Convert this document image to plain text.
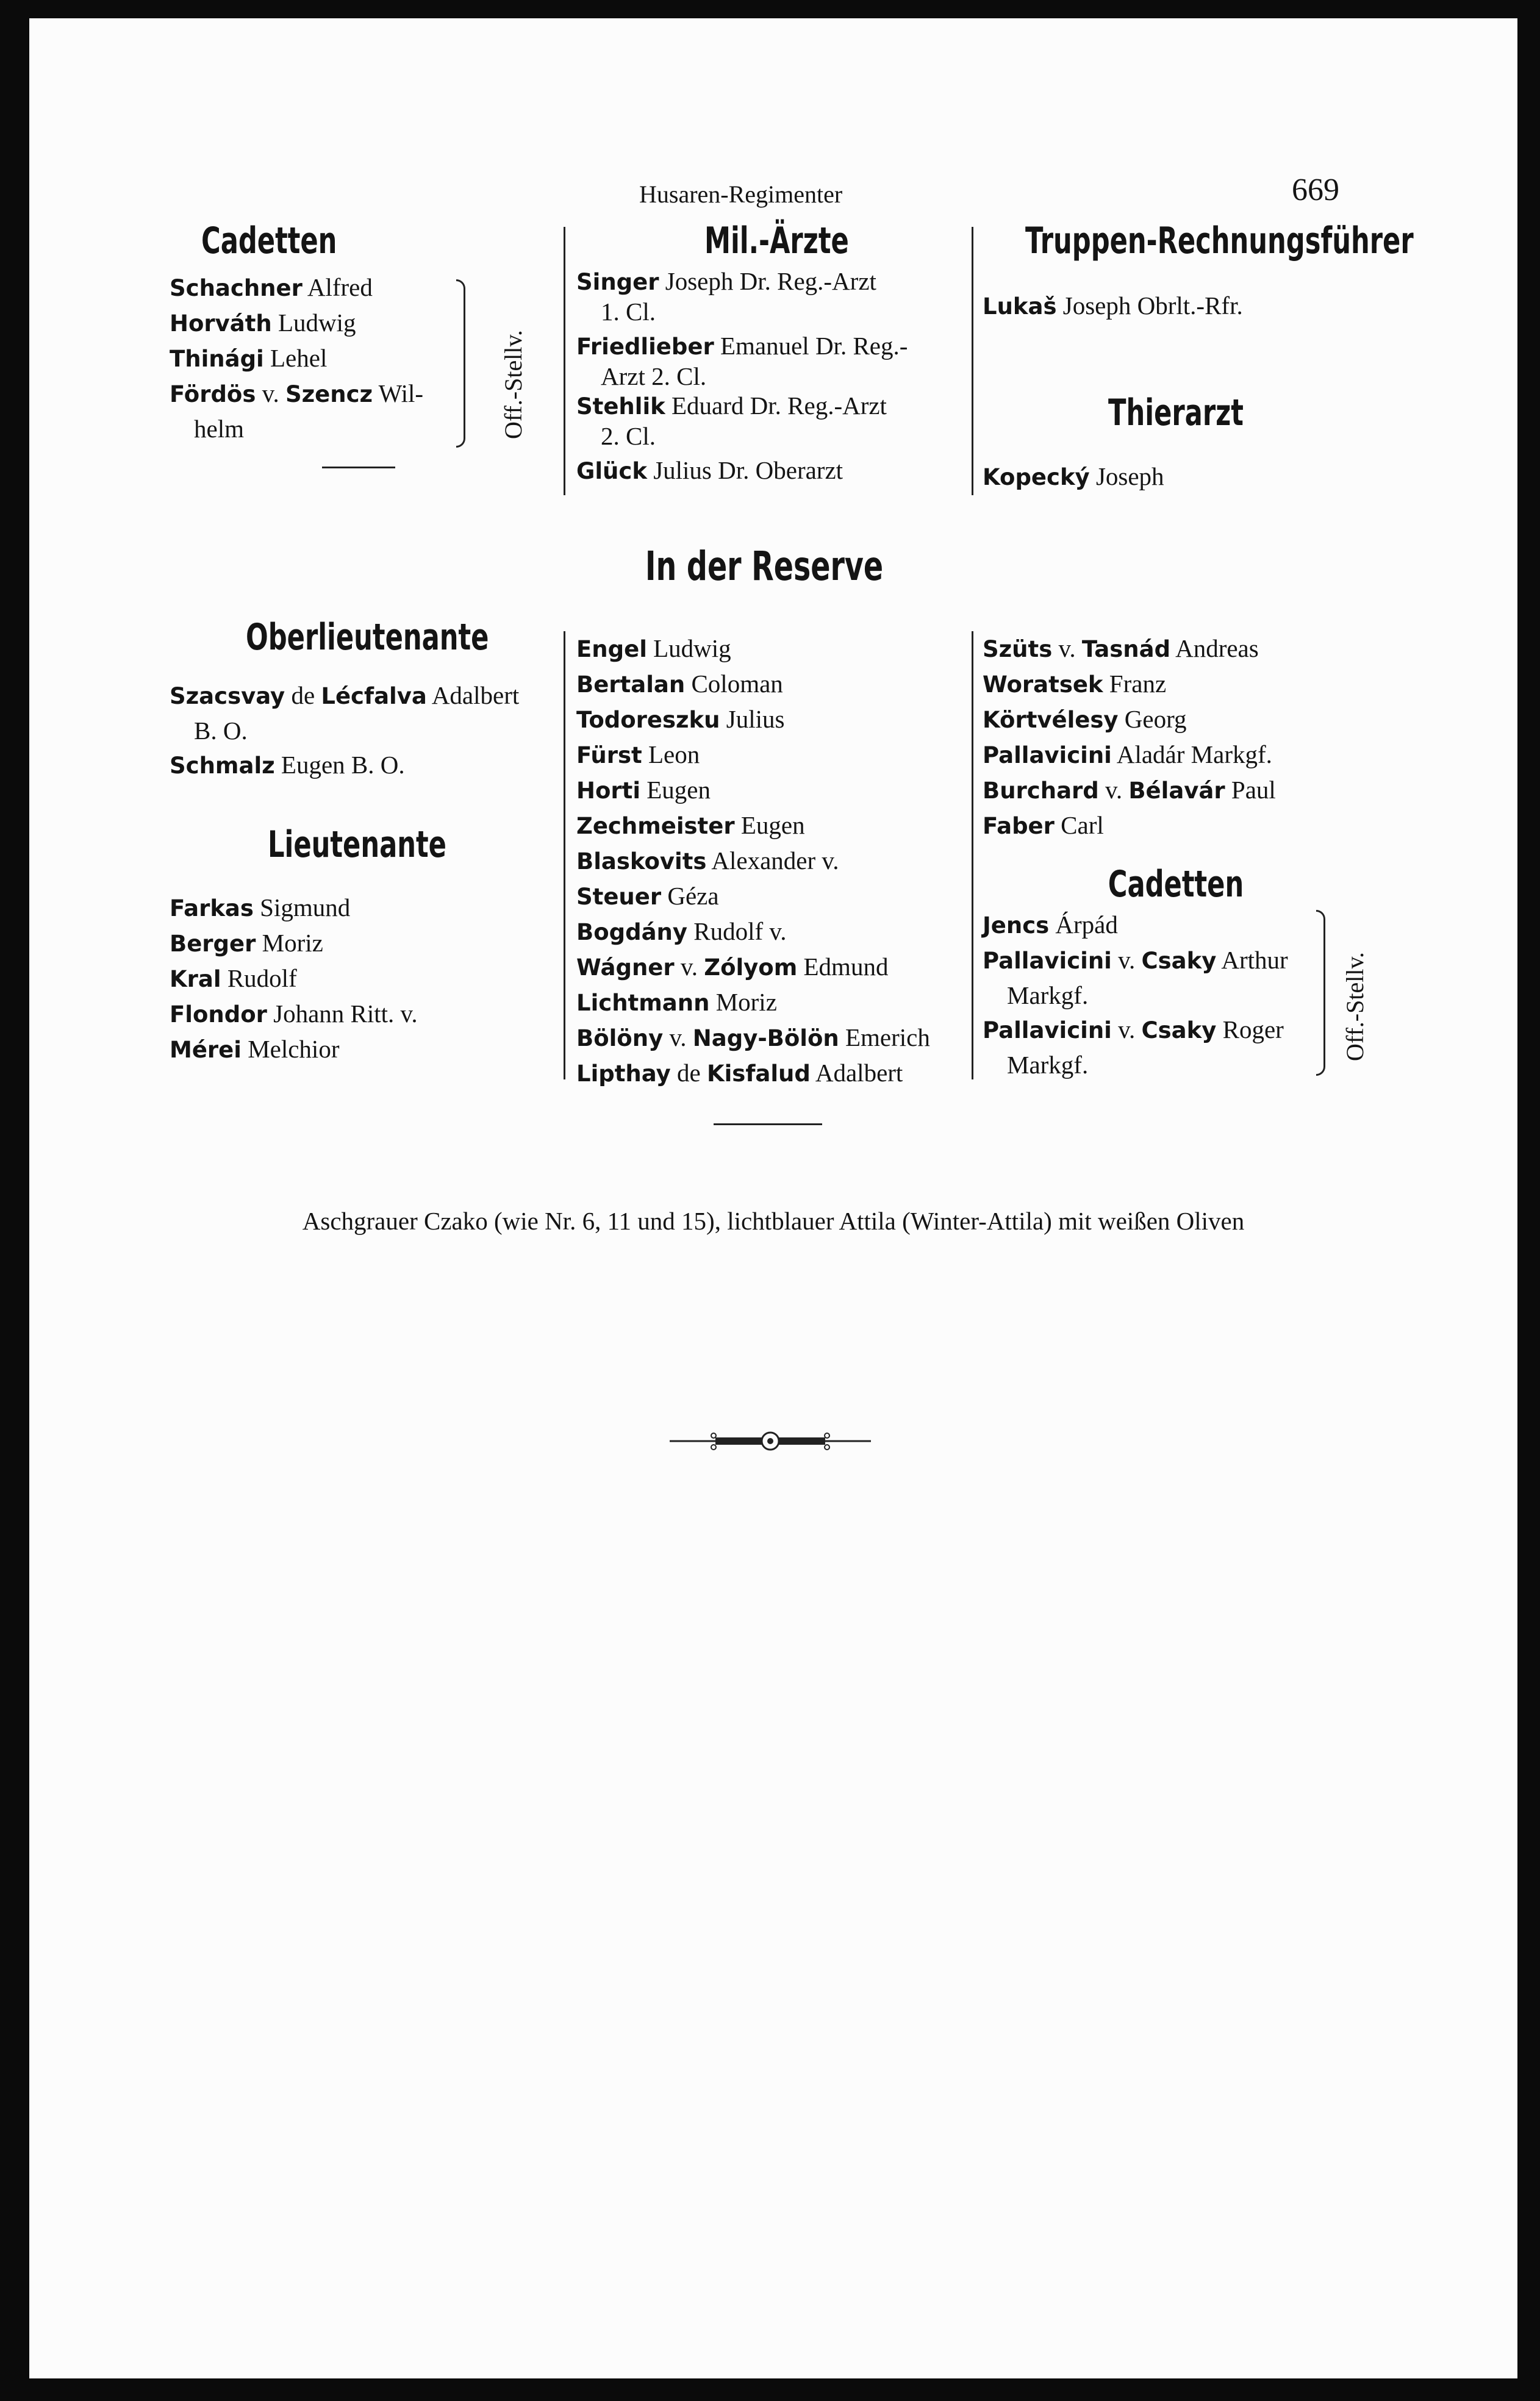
Husaren-Regimenter	669
Cadetten
Schachner Alfred
Horváth Ludwig
Thinági Lehel
Fördös v. Szencz Wil-
helm	Off.-Stellv.
Mil.-Ärzte
Singer Joseph Dr. Reg.-Arzt
1. Cl.
Friedlieber Emanuel Dr. Reg.-
Arzt 2. Cl.
Stehlik Eduard Dr. Reg.-Arzt
2. Cl.
Glück Julius Dr. Oberarzt
Truppen-Rechnungsführer
Lukaš Joseph Obrlt.-Rfr.
Thierarzt
Kopecký Joseph
In der Reserve
Oberlieutenante
Szacsvay de Lécfalva Adalbert
B. O.
Schmalz Eugen B. O.
Lieutenante
Farkas Sigmund
Berger Moriz
Kral Rudolf
Flondor Johann Ritt. v.
Mérei Melchior
Engel Ludwig
Bertalan Coloman
Todoreszku Julius
Fürst Leon
Horti Eugen
Zechmeister Eugen
Blaskovits Alexander v.
Steuer Géza
Bogdány Rudolf v.
Wágner v. Zólyom Edmund
Lichtmann Moriz
Bölöny v. Nagy-Bölön Emerich
Lipthay de Kisfalud Adalbert
Szüts v. Tasnád Andreas
Woratsek Franz
Körtvélesy Georg
Pallavicini Aladár Markgf.
Burchard v. Bélavár Paul
Faber Carl
Cadetten
Jencs Árpád
Pallavicini v. Csaky Arthur
Markgf.
Pallavicini v. Csaky Roger
Markgf.
Off.-Stellv.
Aschgrauer Czako (wie Nr. 6, 11 und 15), lichtblauer Attila (Winter-Attila) mit weißen Oliven
